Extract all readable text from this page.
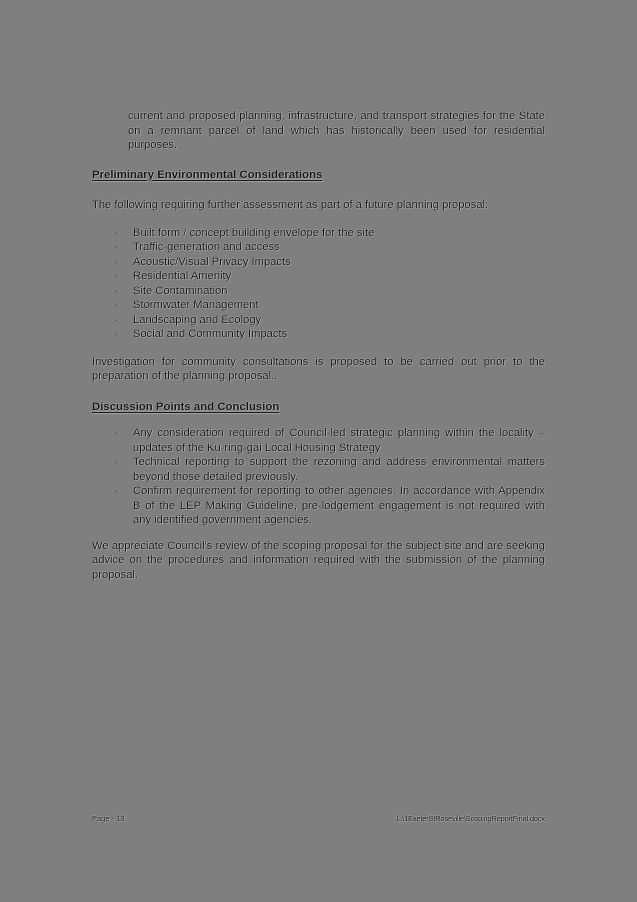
current and proposed planning, infrastructure, and transport strategies for the State on a remnant parcel of land which has historically been used for residential purposes.

Preliminary Environmental Considerations

The following requiring further assessment as part of a future planning proposal:

- Built form / concept building envelope for the site
- Traffic-generation and access
- Acoustic/Visual Privacy Impacts
- Residential Amenity
- Site Contamination
- Stormwater Management
- Landscaping and Ecology
- Social and Community Impacts

Investigation for community consultations is proposed to be carried out prior to the preparation of the planning proposal..

Discussion Points and Conclusion
- Any consideration required of Council-led strategic planning within the locality – updates of the Ku-ring-gai Local Housing Strategy
- Technical reporting to support the rezoning and address environmental matters beyond those detailed previously.
- Confirm requirement for reporting to other agencies. In accordance with Appendix B of the LEP Making Guideline, pre-lodgement engagement is not required with any identified government agencies.

We appreciate Council's review of the scoping proposal for the subject site and are seeking advice on the procedures and information required with the submission of the planning proposal.

Page - 13	L:\1ExeterStRoseville\ScopingReportFinal.docx
